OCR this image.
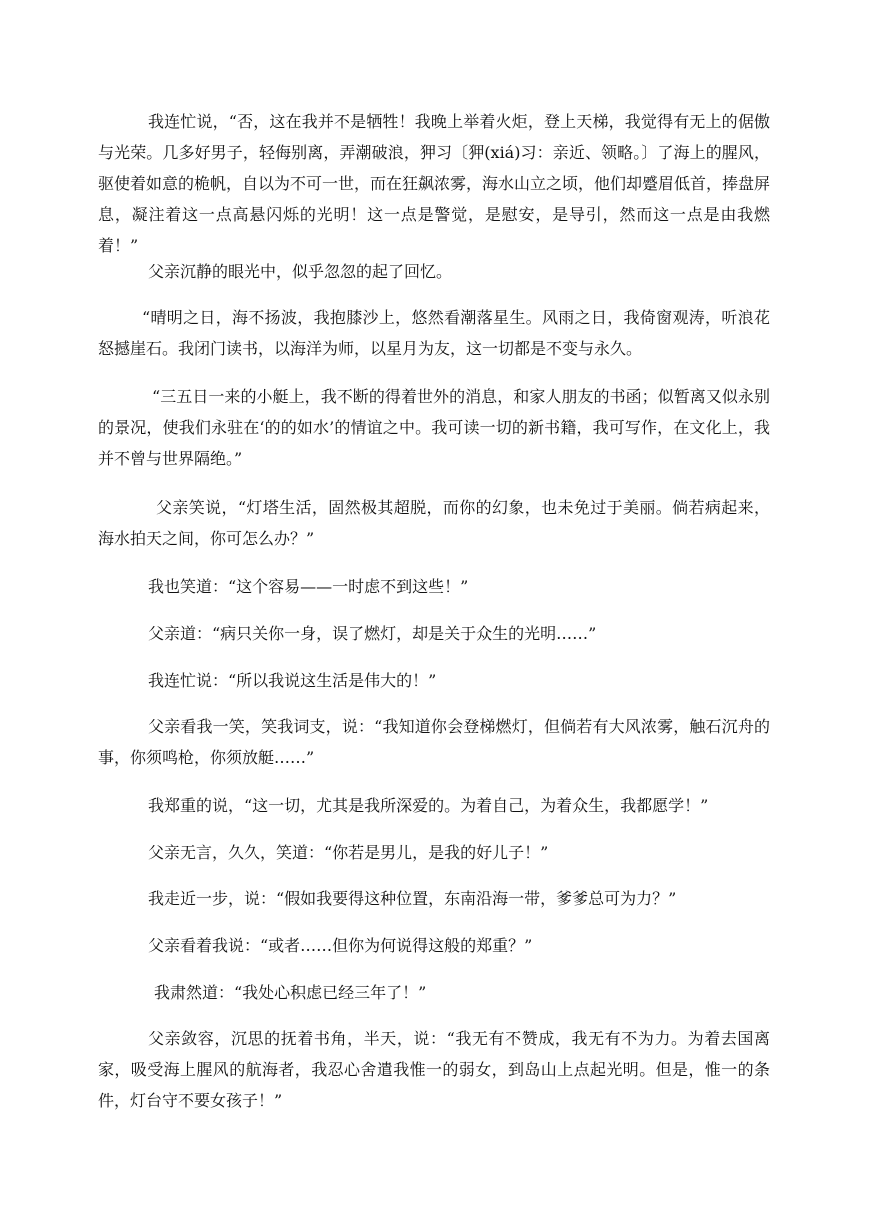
我连忙说，“否，这在我并不是牺牲！我晚上举着火炬，登上天梯，我觉得有无上的倨傲与光荣。几多好男子，轻侮别离，弄潮破浪，狎习〔狎(xiá)习：亲近、领略。〕了海上的腥风，驱使着如意的桅帆，自以为不可一世，而在狂飙浓雾，海水山立之顷，他们却蹙眉低首，捧盘屏息，凝注着这一点高悬闪烁的光明！这一点是警觉，是慰安，是导引，然而这一点是由我燃着！”

父亲沉静的眼光中，似乎忽忽的起了回忆。

“晴明之日，海不扬波，我抱膝沙上，悠然看潮落星生。风雨之日，我倚窗观涛，听浪花怒撼崖石。我闭门读书，以海洋为师，以星月为友，这一切都是不变与永久。

“三五日一来的小艇上，我不断的得着世外的消息，和家人朋友的书函；似暂离又似永别的景况，使我们永驻在‘的的如水’的情谊之中。我可读一切的新书籍，我可写作，在文化上，我并不曾与世界隔绝。”

父亲笑说，“灯塔生活，固然极其超脱，而你的幻象，也未免过于美丽。倘若病起来，海水拍天之间，你可怎么办？”

我也笑道：“这个容易——一时虑不到这些！”

父亲道：“病只关你一身，误了燃灯，却是关于众生的光明……”

我连忙说：“所以我说这生活是伟大的！”

父亲看我一笑，笑我词支，说：“我知道你会登梯燃灯，但倘若有大风浓雾，触石沉舟的事，你须鸣枪，你须放艇……”

我郑重的说，“这一切，尤其是我所深爱的。为着自己，为着众生，我都愿学！”

父亲无言，久久，笑道：“你若是男儿，是我的好儿子！”

我走近一步，说：“假如我要得这种位置，东南沿海一带，爹爹总可为力？”

父亲看着我说：“或者……但你为何说得这般的郑重？”

我肃然道：“我处心积虑已经三年了！”

父亲敛容，沉思的抚着书角，半天，说：“我无有不赞成，我无有不为力。为着去国离家，吸受海上腥风的航海者，我忍心舍遣我惟一的弱女，到岛山上点起光明。但是，惟一的条件，灯台守不要女孩子！”
